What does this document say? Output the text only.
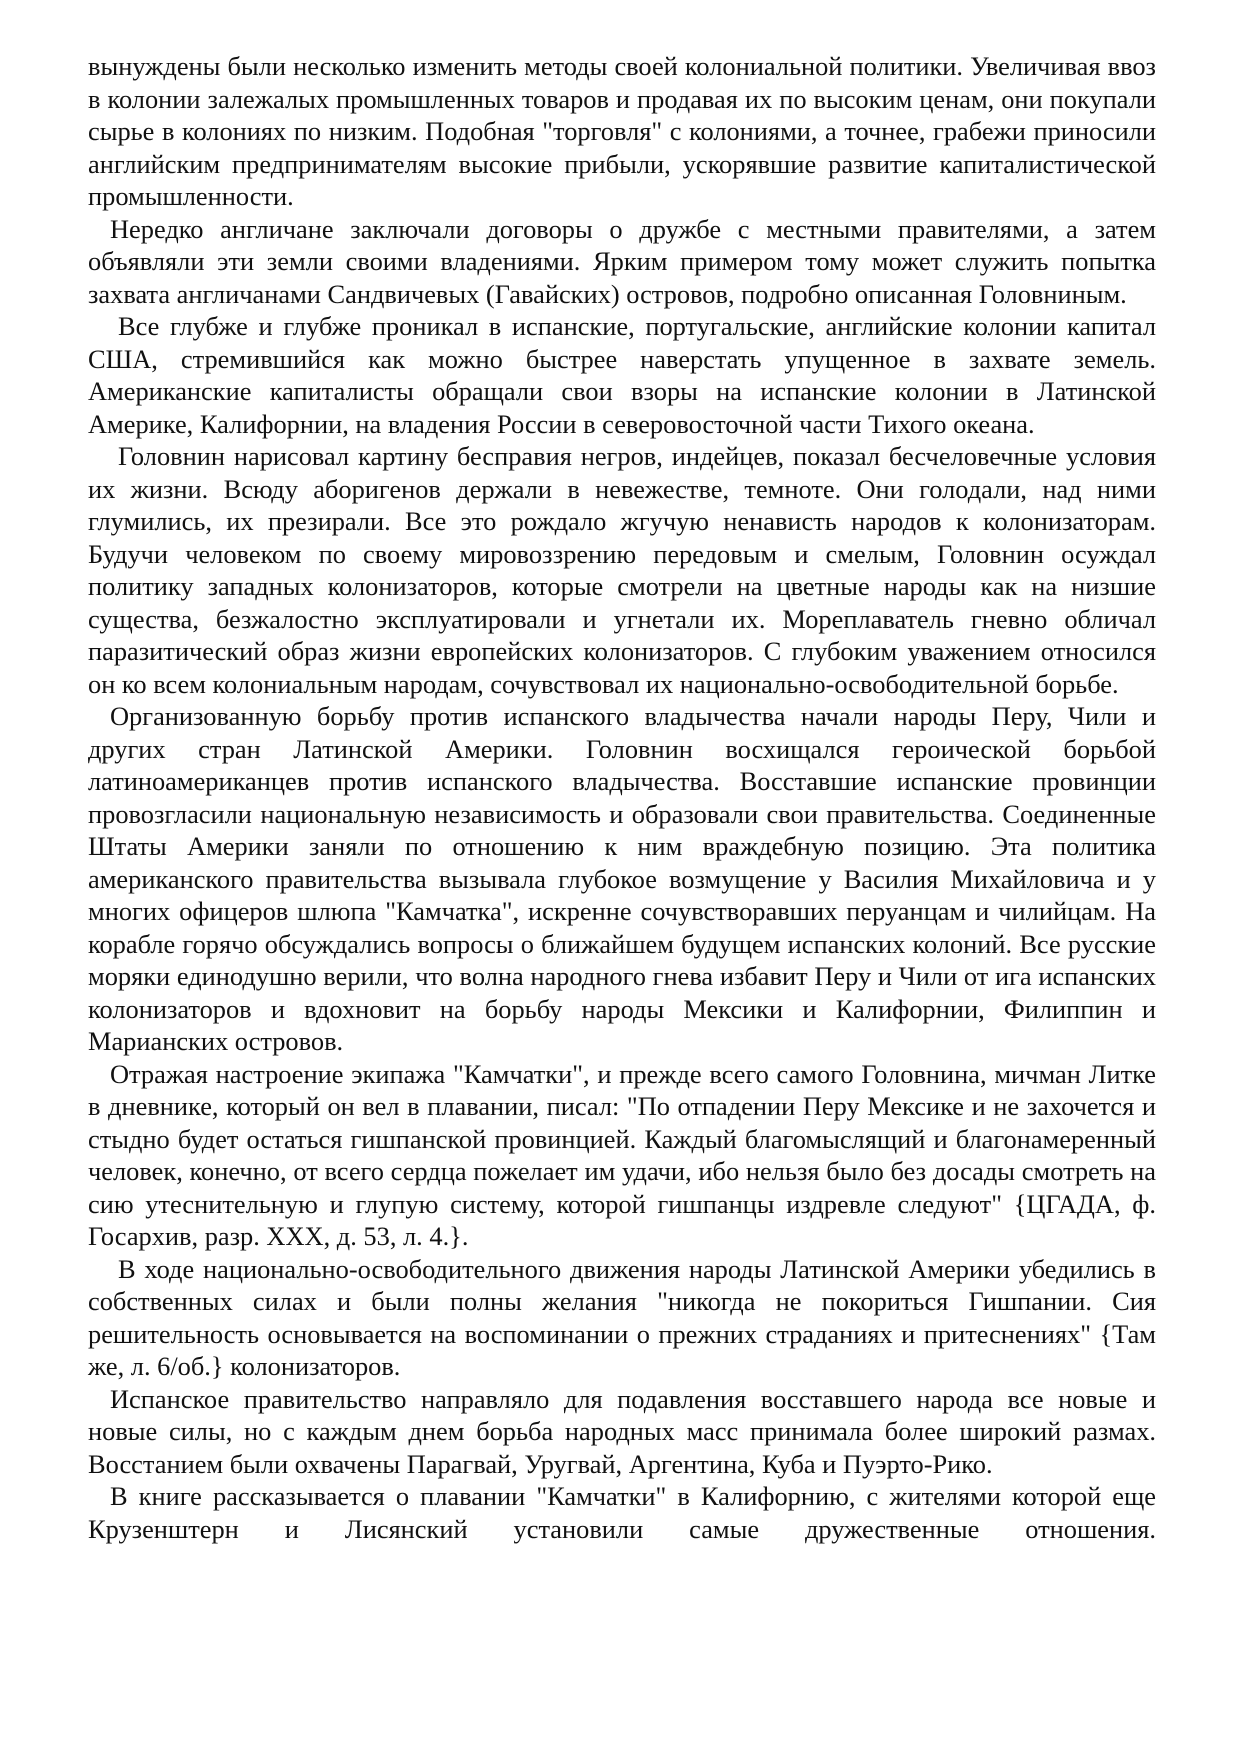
вынуждены были несколько изменить методы своей колониальной политики. Увеличивая ввоз в колонии залежалых промышленных товаров и продавая их по высоким ценам, они покупали сырье в колониях по низким. Подобная "торговля" с колониями, а точнее, грабежи приносили английским предпринимателям высокие прибыли, ускорявшие развитие капиталистической промышленности.

Нередко англичане заключали договоры о дружбе с местными правителями, а затем объявляли эти земли своими владениями. Ярким примером тому может служить попытка захвата англичанами Сандвичевых (Гавайских) островов, подробно описанная Головниным.

Все глубже и глубже проникал в испанские, португальские, английские колонии капитал США, стремившийся как можно быстрее наверстать упущенное в захвате земель. Американские капиталисты обращали свои взоры на испанские колонии в Латинской Америке, Калифорнии, на владения России в северовосточной части Тихого океана.

Головнин нарисовал картину бесправия негров, индейцев, показал бесчеловечные условия их жизни. Всюду аборигенов держали в невежестве, темноте. Они голодали, над ними глумились, их презирали. Все это рождало жгучую ненависть народов к колонизаторам. Будучи человеком по своему мировоззрению передовым и смелым, Головнин осуждал политику западных колонизаторов, которые смотрели на цветные народы как на низшие существа, безжалостно эксплуатировали и угнетали их. Мореплаватель гневно обличал паразитический образ жизни европейских колонизаторов. С глубоким уважением относился он ко всем колониальным народам, сочувствовал их национально-освободительной борьбе.

Организованную борьбу против испанского владычества начали народы Перу, Чили и других стран Латинской Америки. Головнин восхищался героической борьбой латиноамериканцев против испанского владычества. Восставшие испанские провинции провозгласили национальную независимость и образовали свои правительства. Соединенные Штаты Америки заняли по отношению к ним враждебную позицию. Эта политика американского правительства вызывала глубокое возмущение у Василия Михайловича и у многих офицеров шлюпа "Камчатка", искренне сочувстворавших перуанцам и чилийцам. На корабле горячо обсуждались вопросы о ближайшем будущем испанских колоний. Все русские моряки единодушно верили, что волна народного гнева избавит Перу и Чили от ига испанских колонизаторов и вдохновит на борьбу народы Мексики и Калифорнии, Филиппин и Марианских островов.

Отражая настроение экипажа "Камчатки", и прежде всего самого Головнина, мичман Литке в дневнике, который он вел в плавании, писал: "По отпадении Перу Мексике и не захочется и стыдно будет остаться гишпанской провинцией. Каждый благомыслящий и благонамеренный человек, конечно, от всего сердца пожелает им удачи, ибо нельзя было без досады смотреть на сию утеснительную и глупую систему, которой гишпанцы издревле следуют" {ЦГАДА, ф. Госархив, разр. XXX, д. 53, л. 4.}.

В ходе национально-освободительного движения народы Латинской Америки убедились в собственных силах и были полны желания "никогда не покориться Гишпании. Сия решительность основывается на воспоминании о прежних страданиях и притеснениях" {Там же, л. 6/об.} колонизаторов.

Испанское правительство направляло для подавления восставшего народа все новые и новые силы, но с каждым днем борьба народных масс принимала более широкий размах. Восстанием были охвачены Парагвай, Уругвай, Аргентина, Куба и Пуэрто-Рико.

В книге рассказывается о плавании "Камчатки" в Калифорнию, с жителями которой еще Крузенштерн и Лисянский установили самые дружественные отношения.
